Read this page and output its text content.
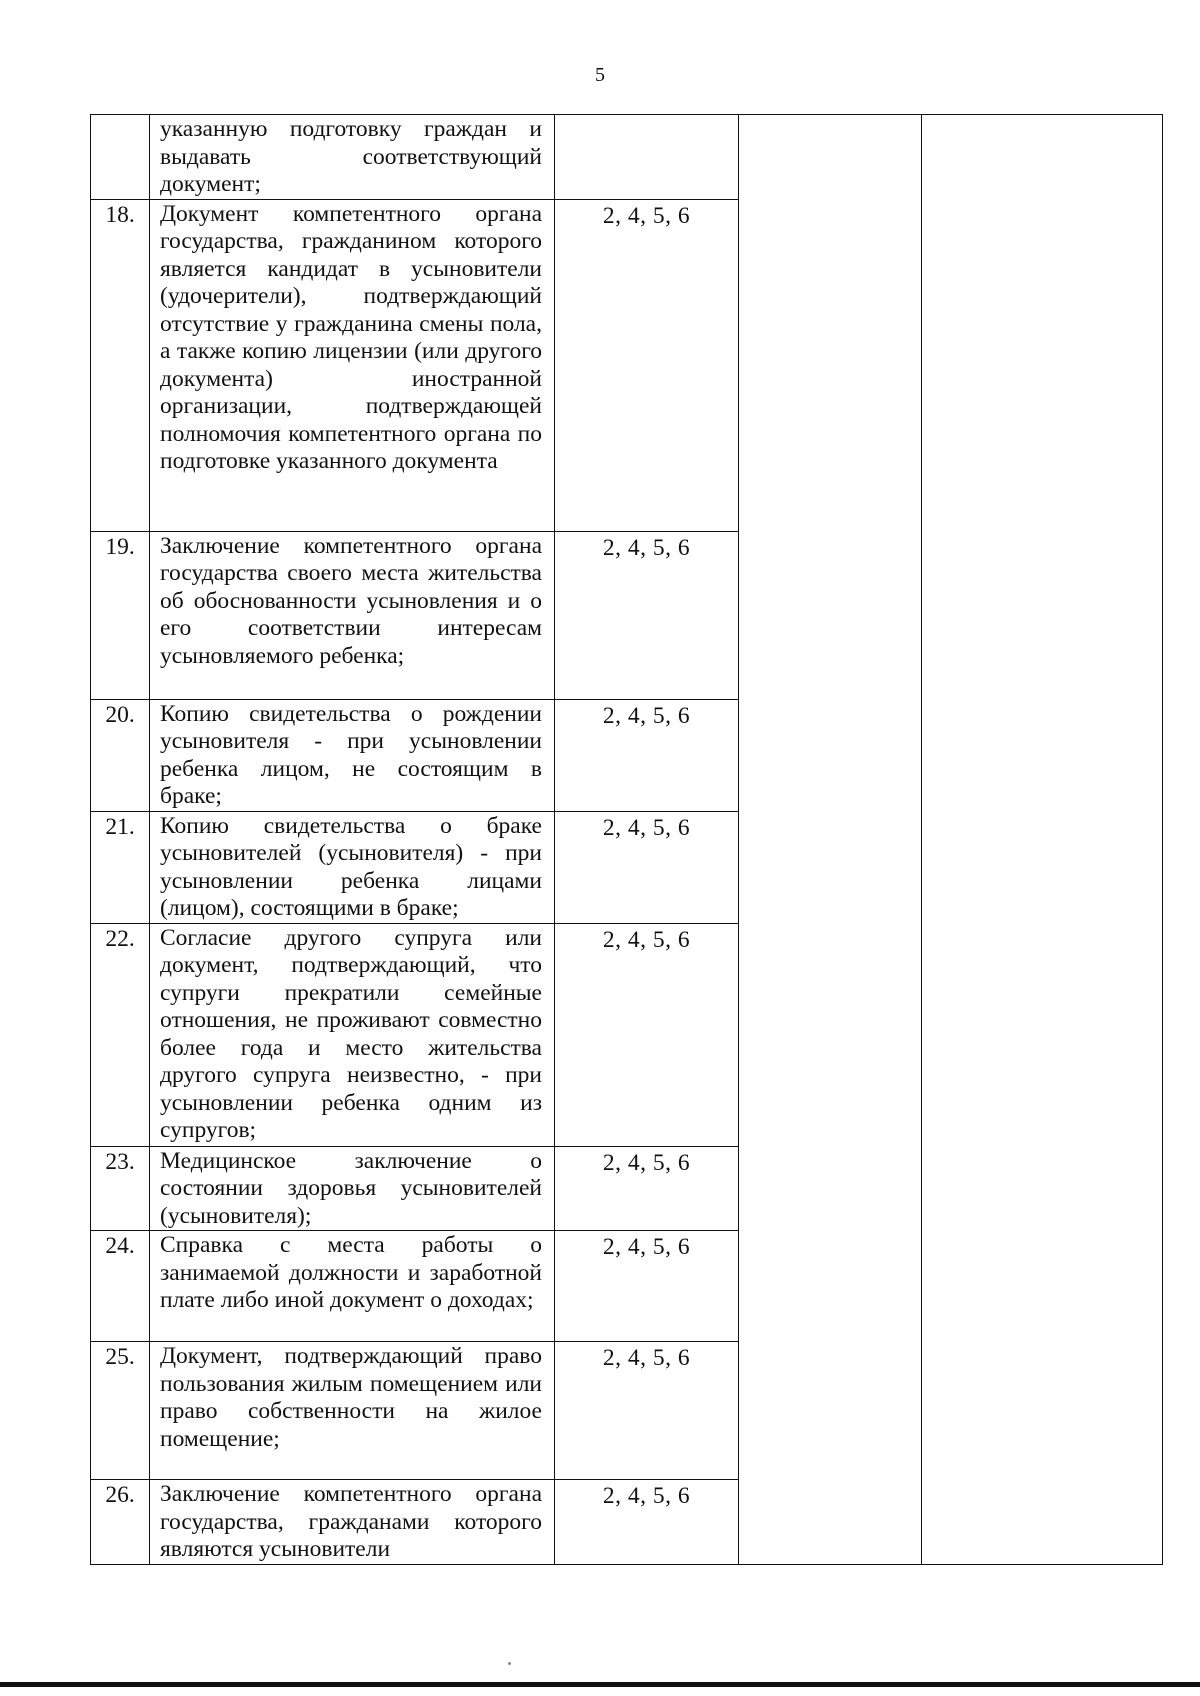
5
	указанную подготовку граждан и выдавать соответствующий документ;			
18.	Документ компетентного органа государства, гражданином которого является кандидат в усыновители (удочерители), подтверждающий отсутствие у гражданина смены пола, а также копию лицензии (или другого документа) иностранной организации, подтверждающей полномочия компетентного органа по подготовке указанного документа	2, 4, 5, 6		
19.	Заключение компетентного органа государства своего места жительства об обоснованности усыновления и о его соответствии интересам усыновляемого ребенка;	2, 4, 5, 6		
20.	Копию свидетельства о рождении усыновителя - при усыновлении ребенка лицом, не состоящим в браке;	2, 4, 5, 6		
21.	Копию свидетельства о браке усыновителей (усыновителя) - при усыновлении ребенка лицами (лицом), состоящими в браке;	2, 4, 5, 6		
22.	Согласие другого супруга или документ, подтверждающий, что супруги прекратили семейные отношения, не проживают совместно более года и место жительства другого супруга неизвестно, - при усыновлении ребенка одним из супругов;	2, 4, 5, 6		
23.	Медицинское заключение о состоянии здоровья усыновителей (усыновителя);	2, 4, 5, 6		
24.	Справка с места работы о занимаемой должности и заработной плате либо иной документ о доходах;	2, 4, 5, 6		
25.	Документ, подтверждающий право пользования жилым помещением или право собственности на жилое помещение;	2, 4, 5, 6		
26.	Заключение компетентного органа государства, гражданами которого являются усыновители	2, 4, 5, 6		
